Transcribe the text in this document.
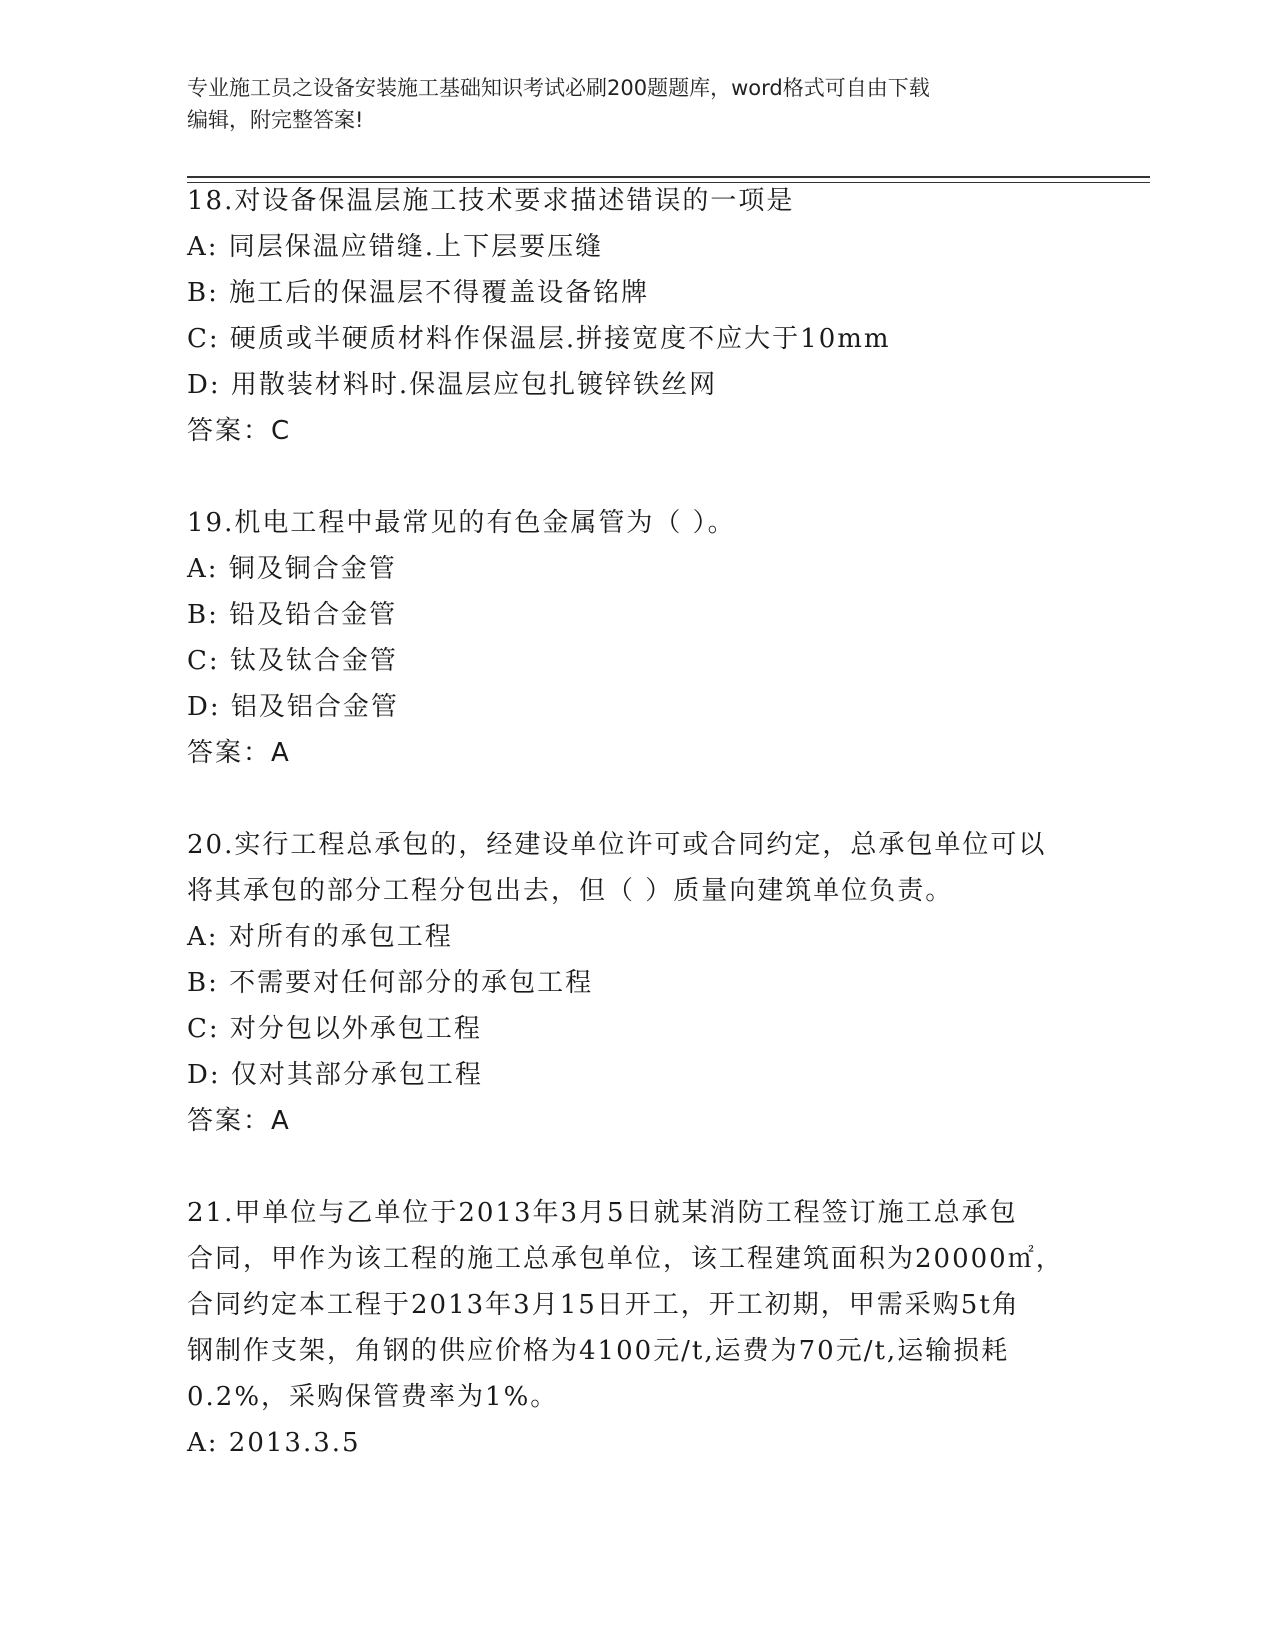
专业施工员之设备安装施工基础知识考试必刷200题题库，word格式可自由下载
编辑，附完整答案!
18.对设备保温层施工技术要求描述错误的一项是
A: 同层保温应错缝.上下层要压缝
B: 施工后的保温层不得覆盖设备铭牌
C: 硬质或半硬质材料作保温层.拼接宽度不应大于10mm
D: 用散装材料时.保温层应包扎镀锌铁丝网
答案：C
19.机电工程中最常见的有色金属管为（ ）。
A: 铜及铜合金管
B: 铅及铅合金管
C: 钛及钛合金管
D: 铝及铝合金管
答案：A
20.实行工程总承包的，经建设单位许可或合同约定，总承包单位可以
将其承包的部分工程分包出去，但（ ）质量向建筑单位负责。
A: 对所有的承包工程
B: 不需要对任何部分的承包工程
C: 对分包以外承包工程
D: 仅对其部分承包工程
答案：A
21.甲单位与乙单位于2013年3月5日就某消防工程签订施工总承包
合同，甲作为该工程的施工总承包单位，该工程建筑面积为20000㎡，
合同约定本工程于2013年3月15日开工，开工初期，甲需采购5t角
钢制作支架，角钢的供应价格为4100元/t,运费为70元/t,运输损耗
0.2%，采购保管费率为1%。
A: 2013.3.5
